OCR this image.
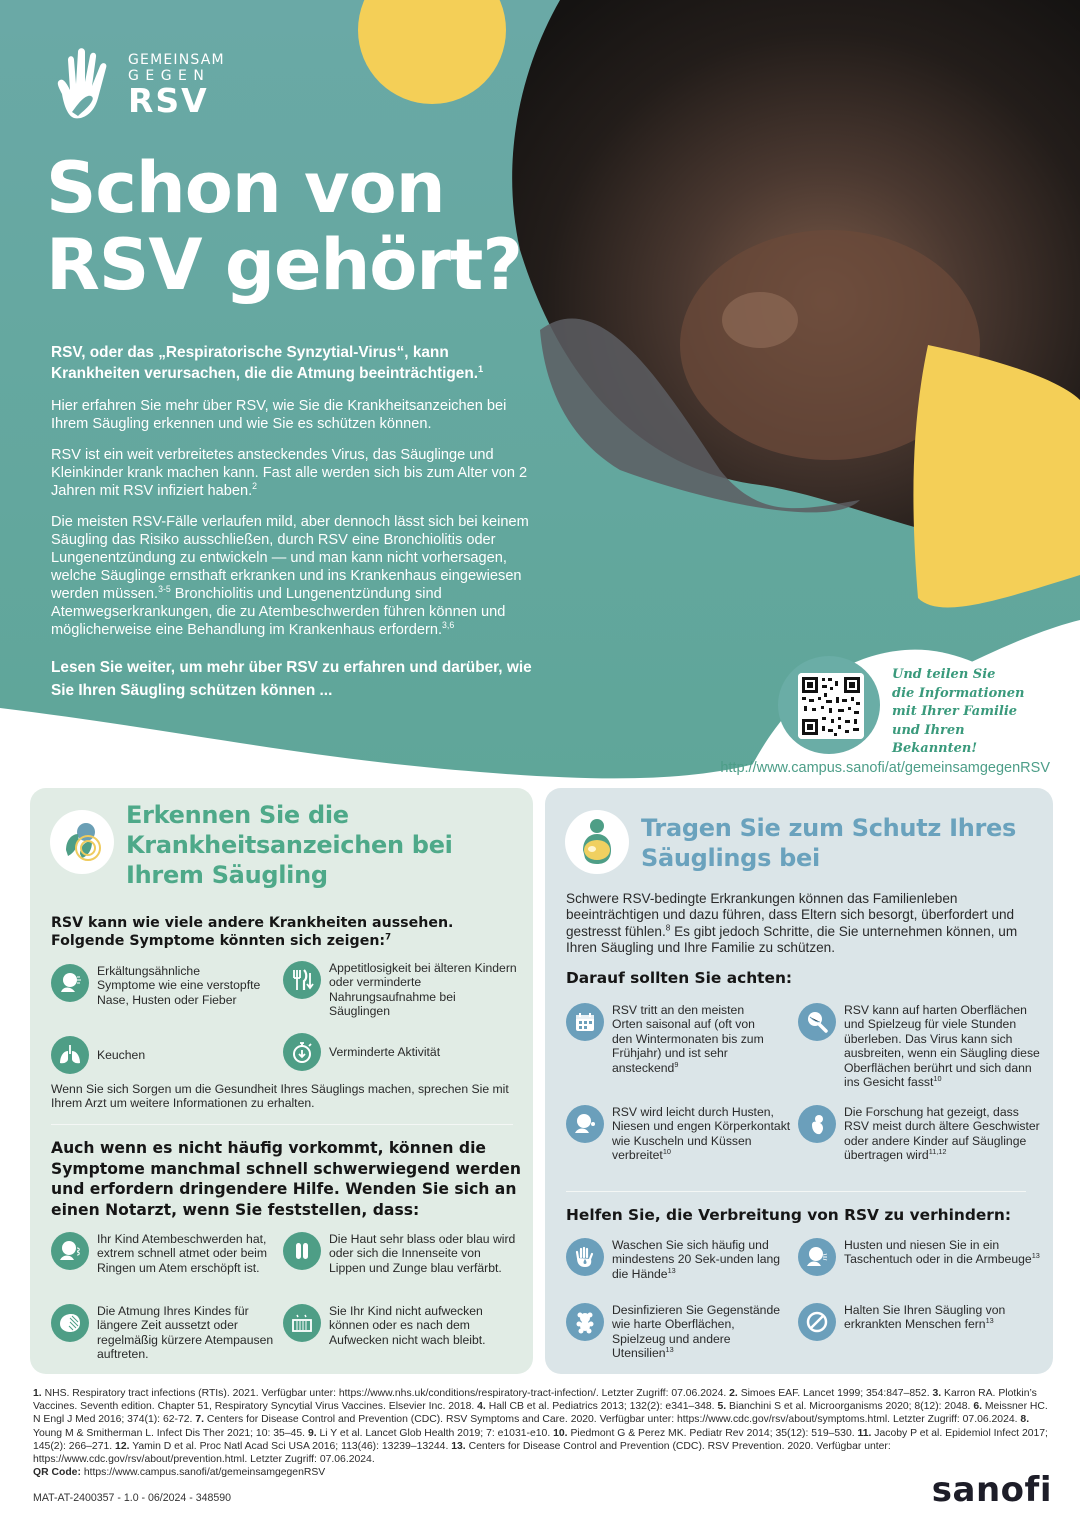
GEMEINSAM
GEGEN
RSV
Schon von
RSV gehört?

RSV, oder das „Respiratorische Synzytial-Virus“, kann Krankheiten verursachen, die die Atmung beeinträchtigen.$^1$

Hier erfahren Sie mehr über RSV, wie Sie die Krankheitsanzeichen bei Ihrem Säugling erkennen und wie Sie es schützen können.

RSV ist ein weit verbreitetes ansteckendes Virus, das Säuglinge und Kleinkinder krank machen kann. Fast alle werden sich bis zum Alter von 2 Jahren mit RSV infiziert haben.$^2$

Die meisten RSV-Fälle verlaufen mild, aber dennoch lässt sich bei keinem Säugling das Risiko ausschließen, durch RSV eine Bronchiolitis oder Lungenentzündung zu entwickeln — und man kann nicht vorhersagen, welche Säuglinge ernsthaft erkranken und ins Krankenhaus eingewiesen werden müssen.$^{3-5}$ Bronchiolitis und Lungenentzündung sind Atemwegserkrankungen, die zu Atembeschwerden führen können und möglicherweise eine Behandlung im Krankenhaus erfordern.$^{3,6}$

Lesen Sie weiter, um mehr über RSV zu erfahren und darüber, wie Sie Ihren Säugling schützen können ...

Und teilen Sie
die Informationen
mit Ihrer Familie
und Ihren Bekannten!
http://www.campus.sanofi/at/gemeinsamgegenRSV
Erkennen Sie die Krankheitsanzeichen bei Ihrem Säugling
RSV kann wie viele andere Krankheiten aussehen. Folgende Symptome könnten sich zeigen:$^7$
Erkältungsähnliche Symptome wie eine verstopfte Nase, Husten oder Fieber
Appetitlosigkeit bei älteren Kindern oder verminderte Nahrungsaufnahme bei Säuglingen
Keuchen	Verminderte Aktivität
Wenn Sie sich Sorgen um die Gesundheit Ihres Säuglings machen, sprechen Sie mit Ihrem Arzt um weitere Informationen zu erhalten.
Auch wenn es nicht häufig vorkommt, können die Symptome manchmal schnell schwerwiegend werden und erfordern dringendere Hilfe. Wenden Sie sich an einen Notarzt, wenn Sie feststellen, dass:
Ihr Kind Atembeschwerden hat, extrem schnell atmet oder beim Ringen um Atem erschöpft ist.
Die Haut sehr blass oder blau wird oder sich die Innenseite von Lippen und Zunge blau verfärbt.
Die Atmung Ihres Kindes für längere Zeit aussetzt oder regelmäßig kürzere Atempausen auftreten.
Sie Ihr Kind nicht aufwecken können oder es nach dem Aufwecken nicht wach bleibt.
Tragen Sie zum Schutz Ihres Säuglings bei
Schwere RSV-bedingte Erkrankungen können das Familienleben beeinträchtigen und dazu führen, dass Eltern sich besorgt, überfordert und gestresst fühlen.$^8$ Es gibt jedoch Schritte, die Sie unternehmen können, um Ihren Säugling und Ihre Familie zu schützen.
Darauf sollten Sie achten:
RSV tritt an den meisten Orten saisonal auf (oft von den Wintermonaten bis zum Frühjahr) und ist sehr ansteckend$^9$
RSV kann auf harten Oberflächen und Spielzeug für viele Stunden überleben. Das Virus kann sich ausbreiten, wenn ein Säugling diese Oberflächen berührt und sich dann ins Gesicht fasst$^{10}$
RSV wird leicht durch Husten, Niesen und engen Körperkontakt wie Kuscheln und Küssen verbreitet$^{10}$
Die Forschung hat gezeigt, dass RSV meist durch ältere Geschwister oder andere Kinder auf Säuglinge übertragen wird$^{11,12}$
Helfen Sie, die Verbreitung von RSV zu verhindern:
Waschen Sie sich häufig und mindestens 20 Sek-unden lang die Hände$^{13}$
Husten und niesen Sie in ein Taschentuch oder in die Armbeuge$^{13}$
Desinfizieren Sie Gegenstände wie harte Oberflächen, Spielzeug und andere Utensilien$^{13}$
Halten Sie Ihren Säugling von erkrankten Menschen fern$^{13}$
1. NHS. Respiratory tract infections (RTIs). 2021. Verfügbar unter: https://www.nhs.uk/conditions/respiratory-tract-infection/. Letzter Zugriff: 07.06.2024. 2. Simoes EAF. Lancet 1999; 354:847–852. 3. Karron RA. Plotkin’s Vaccines. Seventh edition. Chapter 51, Respiratory Syncytial Virus Vaccines. Elsevier Inc. 2018. 4. Hall CB et al. Pediatrics 2013; 132(2): e341–348. 5. Bianchini S et al. Microorganisms 2020; 8(12): 2048. 6. Meissner HC. N Engl J Med 2016; 374(1): 62-72. 7. Centers for Disease Control and Prevention (CDC). RSV Symptoms and Care. 2020. Verfügbar unter: https://www.cdc.gov/rsv/about/symptoms.html. Letzter Zugriff: 07.06.2024. 8. Young M & Smitherman L. Infect Dis Ther 2021; 10: 35–45. 9. Li Y et al. Lancet Glob Health 2019; 7: e1031-e10. 10. Piedmont G & Perez MK. Pediatr Rev 2014; 35(12): 519–530. 11. Jacoby P et al. Epidemiol Infect 2017; 145(2): 266–271. 12. Yamin D et al. Proc Natl Acad Sci USA 2016; 113(46): 13239–13244. 13. Centers for Disease Control and Prevention (CDC). RSV Prevention. 2020. Verfügbar unter: https://www.cdc.gov/rsv/about/prevention.html. Letzter Zugriff: 07.06.2024.
QR Code: https://www.campus.sanofi/at/gemeinsamgegenRSV
MAT-AT-2400357 - 1.0 - 06/2024 - 348590	sanofi
